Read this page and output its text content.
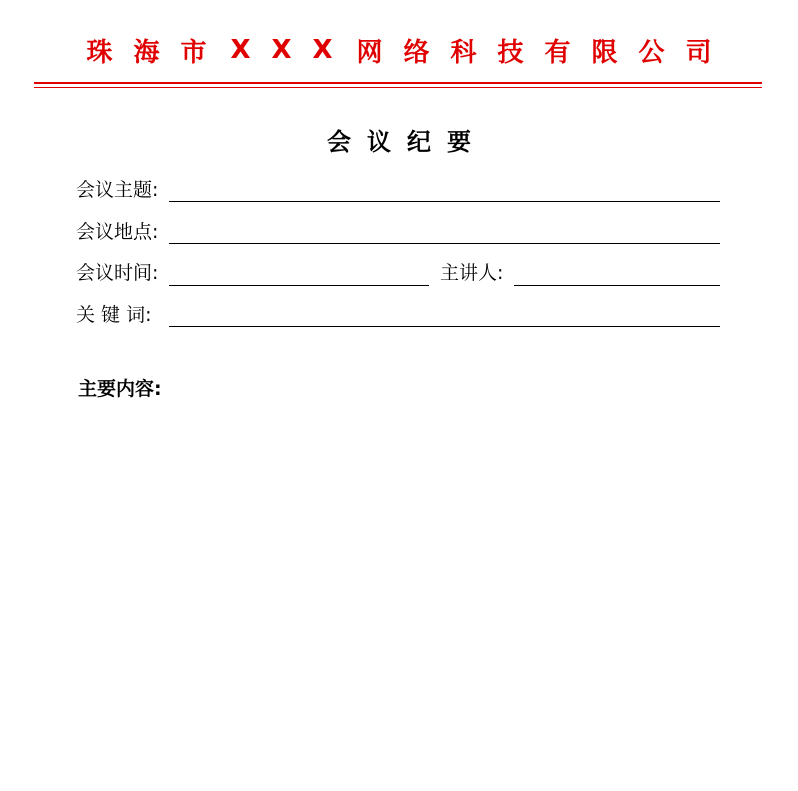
珠 海 市 X X X 网 络 科 技 有 限 公 司
会议纪要
会议主题:
会议地点:
会议时间:	主讲人:
关 键 词:
主要内容:
